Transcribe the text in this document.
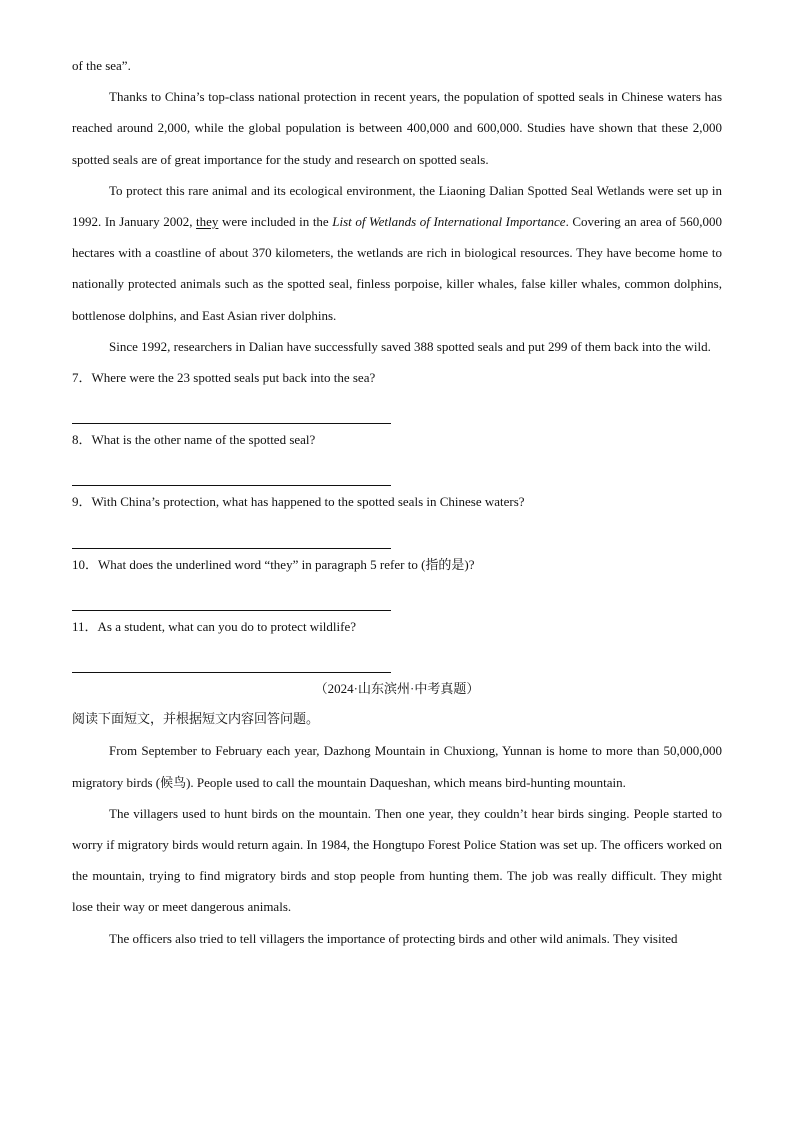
of the sea”.

Thanks to China’s top-class national protection in recent years, the population of spotted seals in Chinese waters has reached around 2,000, while the global population is between 400,000 and 600,000. Studies have shown that these 2,000 spotted seals are of great importance for the study and research on spotted seals.

To protect this rare animal and its ecological environment, the Liaoning Dalian Spotted Seal Wetlands were set up in 1992. In January 2002, they were included in the List of Wetlands of International Importance. Covering an area of 560,000 hectares with a coastline of about 370 kilometers, the wetlands are rich in biological resources. They have become home to nationally protected animals such as the spotted seal, finless porpoise, killer whales, false killer whales, common dolphins, bottlenose dolphins, and East Asian river dolphins.

Since 1992, researchers in Dalian have successfully saved 388 spotted seals and put 299 of them back into the wild.

7．Where were the 23 spotted seals put back into the sea?

8．What is the other name of the spotted seal?

9．With China’s protection, what has happened to the spotted seals in Chinese waters?

10．What does the underlined word “they” in paragraph 5 refer to (指的是)?

11．As a student, what can you do to protect wildlife?

（2024·山东滨州·中考真题）

阅读下面短文，并根据短文内容回答问题。

From September to February each year, Dazhong Mountain in Chuxiong, Yunnan is home to more than 50,000,000 migratory birds (候鸟). People used to call the mountain Daqueshan, which means bird-hunting mountain.

The villagers used to hunt birds on the mountain. Then one year, they couldn’t hear birds singing. People started to worry if migratory birds would return again. In 1984, the Hongtupo Forest Police Station was set up. The officers worked on the mountain, trying to find migratory birds and stop people from hunting them. The job was really difficult. They might lose their way or meet dangerous animals.

The officers also tried to tell villagers the importance of protecting birds and other wild animals. They visited
